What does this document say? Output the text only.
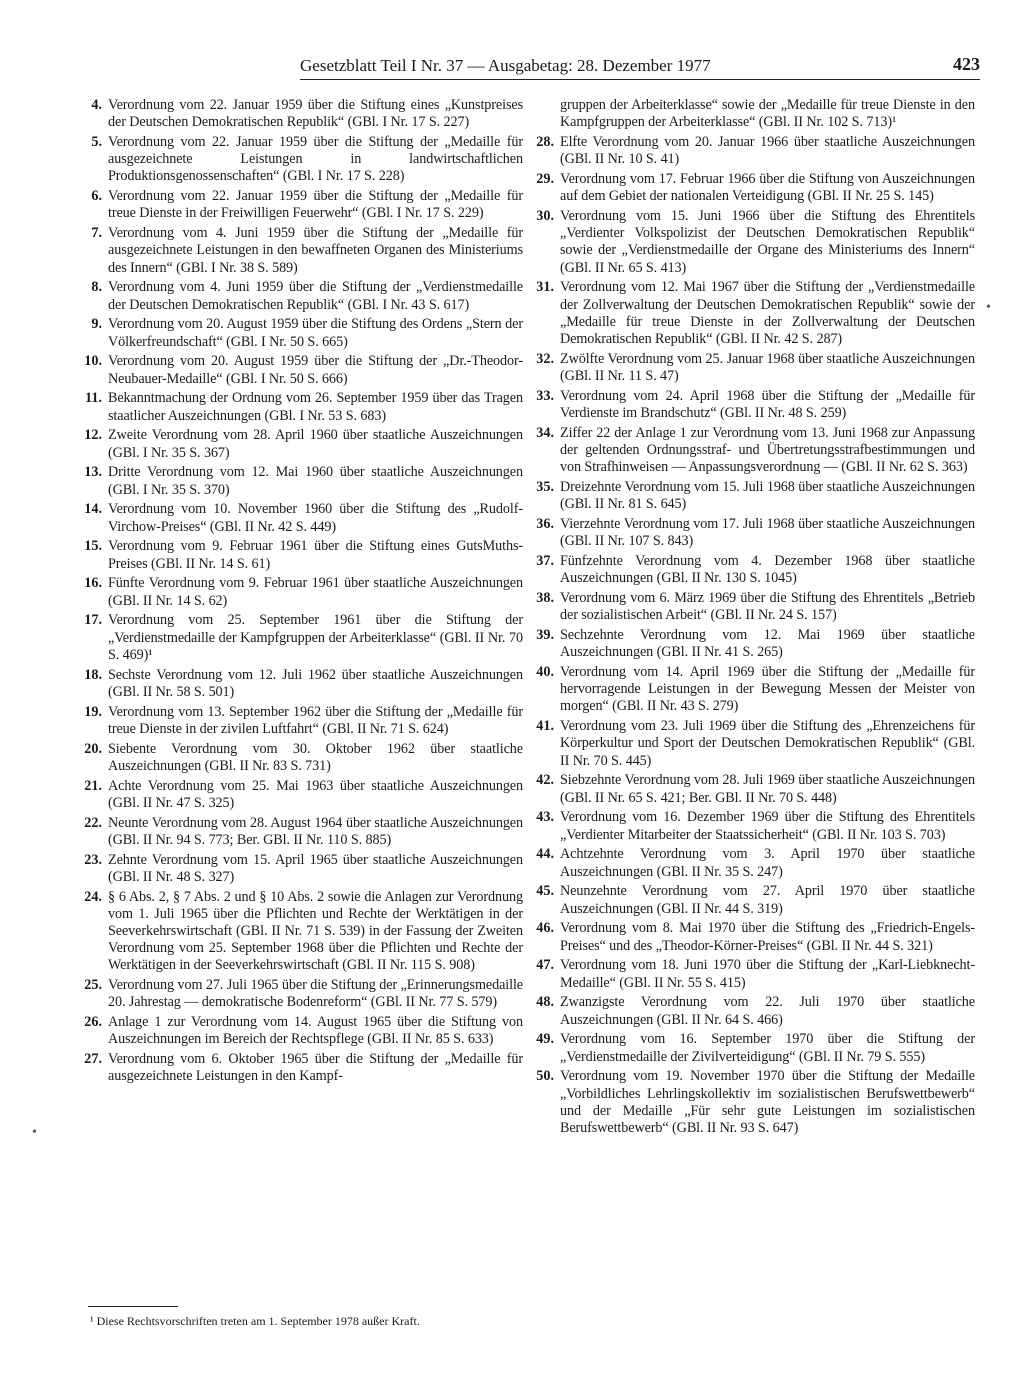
Gesetzblatt Teil I Nr. 37 — Ausgabetag: 28. Dezember 1977	423
4. Verordnung vom 22. Januar 1959 über die Stiftung eines „Kunstpreises der Deutschen Demokratischen Republik“ (GBl. I Nr. 17 S. 227)
5. Verordnung vom 22. Januar 1959 über die Stiftung der „Medaille für ausgezeichnete Leistungen in landwirtschaftlichen Produktionsgenossenschaften“ (GBl. I Nr. 17 S. 228)
6. Verordnung vom 22. Januar 1959 über die Stiftung der „Medaille für treue Dienste in der Freiwilligen Feuerwehr“ (GBl. I Nr. 17 S. 229)
7. Verordnung vom 4. Juni 1959 über die Stiftung der „Medaille für ausgezeichnete Leistungen in den bewaffneten Organen des Ministeriums des Innern“ (GBl. I Nr. 38 S. 589)
8. Verordnung vom 4. Juni 1959 über die Stiftung der „Verdienstmedaille der Deutschen Demokratischen Republik“ (GBl. I Nr. 43 S. 617)
9. Verordnung vom 20. August 1959 über die Stiftung des Ordens „Stern der Völkerfreundschaft“ (GBl. I Nr. 50 S. 665)
10. Verordnung vom 20. August 1959 über die Stiftung der „Dr.-Theodor-Neubauer-Medaille“ (GBl. I Nr. 50 S. 666)
11. Bekanntmachung der Ordnung vom 26. September 1959 über das Tragen staatlicher Auszeichnungen (GBl. I Nr. 53 S. 683)
12. Zweite Verordnung vom 28. April 1960 über staatliche Auszeichnungen (GBl. I Nr. 35 S. 367)
13. Dritte Verordnung vom 12. Mai 1960 über staatliche Auszeichnungen (GBl. I Nr. 35 S. 370)
14. Verordnung vom 10. November 1960 über die Stiftung des „Rudolf-Virchow-Preises“ (GBl. II Nr. 42 S. 449)
15. Verordnung vom 9. Februar 1961 über die Stiftung eines GutsMuths-Preises (GBl. II Nr. 14 S. 61)
16. Fünfte Verordnung vom 9. Februar 1961 über staatliche Auszeichnungen (GBl. II Nr. 14 S. 62)
17. Verordnung vom 25. September 1961 über die Stiftung der „Verdienstmedaille der Kampfgruppen der Arbeiterklasse“ (GBl. II Nr. 70 S. 469)¹
18. Sechste Verordnung vom 12. Juli 1962 über staatliche Auszeichnungen (GBl. II Nr. 58 S. 501)
19. Verordnung vom 13. September 1962 über die Stiftung der „Medaille für treue Dienste in der zivilen Luftfahrt“ (GBl. II Nr. 71 S. 624)
20. Siebente Verordnung vom 30. Oktober 1962 über staatliche Auszeichnungen (GBl. II Nr. 83 S. 731)
21. Achte Verordnung vom 25. Mai 1963 über staatliche Auszeichnungen (GBl. II Nr. 47 S. 325)
22. Neunte Verordnung vom 28. August 1964 über staatliche Auszeichnungen (GBl. II Nr. 94 S. 773; Ber. GBl. II Nr. 110 S. 885)
23. Zehnte Verordnung vom 15. April 1965 über staatliche Auszeichnungen (GBl. II Nr. 48 S. 327)
24. § 6 Abs. 2, § 7 Abs. 2 und § 10 Abs. 2 sowie die Anlagen zur Verordnung vom 1. Juli 1965 über die Pflichten und Rechte der Werktätigen in der Seeverkehrswirtschaft (GBl. II Nr. 71 S. 539) in der Fassung der Zweiten Verordnung vom 25. September 1968 über die Pflichten und Rechte der Werktätigen in der Seeverkehrswirtschaft (GBl. II Nr. 115 S. 908)
25. Verordnung vom 27. Juli 1965 über die Stiftung der „Erinnerungsmedaille 20. Jahrestag — demokratische Bodenreform“ (GBl. II Nr. 77 S. 579)
26. Anlage 1 zur Verordnung vom 14. August 1965 über die Stiftung von Auszeichnungen im Bereich der Rechtspflege (GBl. II Nr. 85 S. 633)
27. Verordnung vom 6. Oktober 1965 über die Stiftung der „Medaille für ausgezeichnete Leistungen in den Kampf-
gruppen der Arbeiterklasse“ sowie der „Medaille für treue Dienste in den Kampfgruppen der Arbeiterklasse“ (GBl. II Nr. 102 S. 713)¹
28. Elfte Verordnung vom 20. Januar 1966 über staatliche Auszeichnungen (GBl. II Nr. 10 S. 41)
29. Verordnung vom 17. Februar 1966 über die Stiftung von Auszeichnungen auf dem Gebiet der nationalen Verteidigung (GBl. II Nr. 25 S. 145)
30. Verordnung vom 15. Juni 1966 über die Stiftung des Ehrentitels „Verdienter Volkspolizist der Deutschen Demokratischen Republik“ sowie der „Verdienstmedaille der Organe des Ministeriums des Innern“ (GBl. II Nr. 65 S. 413)
31. Verordnung vom 12. Mai 1967 über die Stiftung der „Verdienstmedaille der Zollverwaltung der Deutschen Demokratischen Republik“ sowie der „Medaille für treue Dienste in der Zollverwaltung der Deutschen Demokratischen Republik“ (GBl. II Nr. 42 S. 287)
32. Zwölfte Verordnung vom 25. Januar 1968 über staatliche Auszeichnungen (GBl. II Nr. 11 S. 47)
33. Verordnung vom 24. April 1968 über die Stiftung der „Medaille für Verdienste im Brandschutz“ (GBl. II Nr. 48 S. 259)
34. Ziffer 22 der Anlage 1 zur Verordnung vom 13. Juni 1968 zur Anpassung der geltenden Ordnungsstraf- und Übertretungsstrafbestimmungen und von Strafhinweisen — Anpassungsverordnung — (GBl. II Nr. 62 S. 363)
35. Dreizehnte Verordnung vom 15. Juli 1968 über staatliche Auszeichnungen (GBl. II Nr. 81 S. 645)
36. Vierzehnte Verordnung vom 17. Juli 1968 über staatliche Auszeichnungen (GBl. II Nr. 107 S. 843)
37. Fünfzehnte Verordnung vom 4. Dezember 1968 über staatliche Auszeichnungen (GBl. II Nr. 130 S. 1045)
38. Verordnung vom 6. März 1969 über die Stiftung des Ehrentitels „Betrieb der sozialistischen Arbeit“ (GBl. II Nr. 24 S. 157)
39. Sechzehnte Verordnung vom 12. Mai 1969 über staatliche Auszeichnungen (GBl. II Nr. 41 S. 265)
40. Verordnung vom 14. April 1969 über die Stiftung der „Medaille für hervorragende Leistungen in der Bewegung Messen der Meister von morgen“ (GBl. II Nr. 43 S. 279)
41. Verordnung vom 23. Juli 1969 über die Stiftung des „Ehrenzeichens für Körperkultur und Sport der Deutschen Demokratischen Republik“ (GBl. II Nr. 70 S. 445)
42. Siebzehnte Verordnung vom 28. Juli 1969 über staatliche Auszeichnungen (GBl. II Nr. 65 S. 421; Ber. GBl. II Nr. 70 S. 448)
43. Verordnung vom 16. Dezember 1969 über die Stiftung des Ehrentitels „Verdienter Mitarbeiter der Staatssicherheit“ (GBl. II Nr. 103 S. 703)
44. Achtzehnte Verordnung vom 3. April 1970 über staatliche Auszeichnungen (GBl. II Nr. 35 S. 247)
45. Neunzehnte Verordnung vom 27. April 1970 über staatliche Auszeichnungen (GBl. II Nr. 44 S. 319)
46. Verordnung vom 8. Mai 1970 über die Stiftung des „Friedrich-Engels-Preises“ und des „Theodor-Körner-Preises“ (GBl. II Nr. 44 S. 321)
47. Verordnung vom 18. Juni 1970 über die Stiftung der „Karl-Liebknecht-Medaille“ (GBl. II Nr. 55 S. 415)
48. Zwanzigste Verordnung vom 22. Juli 1970 über staatliche Auszeichnungen (GBl. II Nr. 64 S. 466)
49. Verordnung vom 16. September 1970 über die Stiftung der „Verdienstmedaille der Zivilverteidigung“ (GBl. II Nr. 79 S. 555)
50. Verordnung vom 19. November 1970 über die Stiftung der Medaille „Vorbildliches Lehrlingskollektiv im sozialistischen Berufswettbewerb“ und der Medaille „Für sehr gute Leistungen im sozialistischen Berufswettbewerb“ (GBl. II Nr. 93 S. 647)
¹ Diese Rechtsvorschriften treten am 1. September 1978 außer Kraft.
•
•
